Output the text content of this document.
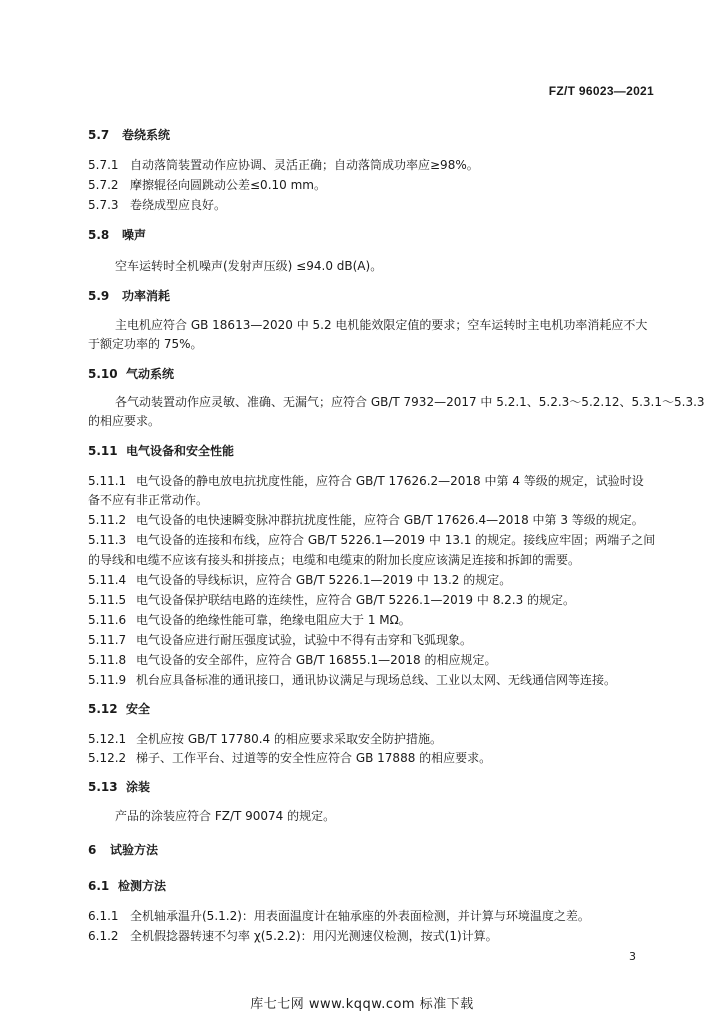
FZ/T 96023—2021
5.7 卷绕系统
5.7.1 自动落筒装置动作应协调、灵活正确；自动落筒成功率应≥98%。
5.7.2 摩擦辊径向圆跳动公差≤0.10 mm。
5.7.3 卷绕成型应良好。
5.8 噪声
空车运转时全机噪声(发射声压级) ≤94.0 dB(A)。
5.9 功率消耗
主电机应符合 GB 18613—2020 中 5.2 电机能效限定值的要求；空车运转时主电机功率消耗应不大
于额定功率的 75%。
5.10 气动系统
各气动装置动作应灵敏、准确、无漏气；应符合 GB/T 7932—2017 中 5.2.1、5.2.3～5.2.12、5.3.1～5.3.3
的相应要求。
5.11 电气设备和安全性能
5.11.1 电气设备的静电放电抗扰度性能，应符合 GB/T 17626.2—2018 中第 4 等级的规定，试验时设
备不应有非正常动作。
5.11.2 电气设备的电快速瞬变脉冲群抗扰度性能，应符合 GB/T 17626.4—2018 中第 3 等级的规定。
5.11.3 电气设备的连接和布线，应符合 GB/T 5226.1—2019 中 13.1 的规定。接线应牢固；两端子之间
的导线和电缆不应该有接头和拼接点；电缆和电缆束的附加长度应该满足连接和拆卸的需要。
5.11.4 电气设备的导线标识，应符合 GB/T 5226.1—2019 中 13.2 的规定。
5.11.5 电气设备保护联结电路的连续性，应符合 GB/T 5226.1—2019 中 8.2.3 的规定。
5.11.6 电气设备的绝缘性能可靠，绝缘电阻应大于 1 MΩ。
5.11.7 电气设备应进行耐压强度试验，试验中不得有击穿和飞弧现象。
5.11.8 电气设备的安全部件，应符合 GB/T 16855.1—2018 的相应规定。
5.11.9 机台应具备标准的通讯接口，通讯协议满足与现场总线、工业以太网、无线通信网等连接。
5.12 安全
5.12.1 全机应按 GB/T 17780.4 的相应要求采取安全防护措施。
5.12.2 梯子、工作平台、过道等的安全性应符合 GB 17888 的相应要求。
5.13 涂装
产品的涂装应符合 FZ/T 90074 的规定。
6 试验方法
6.1 检测方法
6.1.1 全机轴承温升(5.1.2)：用表面温度计在轴承座的外表面检测，并计算与环境温度之差。
6.1.2 全机假捻器转速不匀率 χ(5.2.2)：用闪光测速仪检测，按式(1)计算。
3
库七七网 www.kqqw.com 标准下载
